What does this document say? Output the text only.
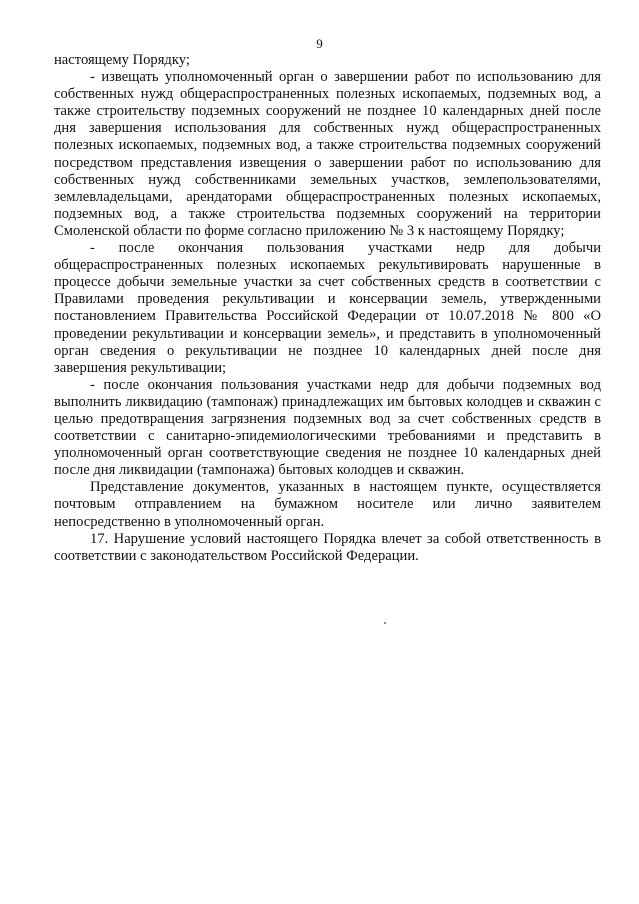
9

настоящему Порядку;

- извещать уполномоченный орган о завершении работ по использованию для собственных нужд общераспространенных полезных ископаемых, подземных вод, а также строительству подземных сооружений не позднее 10 календарных дней после дня завершения использования для собственных нужд общераспространенных полезных ископаемых, подземных вод, а также строительства подземных сооружений посредством представления извещения о завершении работ по использованию для собственных нужд собственниками земельных участков, землепользователями, землевладельцами, арендаторами общераспространенных полезных ископаемых, подземных вод, а также строительства подземных сооружений на территории Смоленской области по форме согласно приложению № 3 к настоящему Порядку;

- после окончания пользования участками недр для добычи общераспространенных полезных ископаемых рекультивировать нарушенные в процессе добычи земельные участки за счет собственных средств в соответствии с Правилами проведения рекультивации и консервации земель, утвержденными постановлением Правительства Российской Федерации от 10.07.2018 № 800 «О проведении рекультивации и консервации земель», и представить в уполномоченный орган сведения о рекультивации не позднее 10 календарных дней после дня завершения рекультивации;

- после окончания пользования участками недр для добычи подземных вод выполнить ликвидацию (тампонаж) принадлежащих им бытовых колодцев и скважин с целью предотвращения загрязнения подземных вод за счет собственных средств в соответствии с санитарно-эпидемиологическими требованиями и представить в уполномоченный орган соответствующие сведения не позднее 10 календарных дней после дня ликвидации (тампонажа) бытовых колодцев и скважин.

Представление документов, указанных в настоящем пункте, осуществляется почтовым отправлением на бумажном носителе или лично заявителем непосредственно в уполномоченный орган.

17. Нарушение условий настоящего Порядка влечет за собой ответственность в соответствии с законодательством Российской Федерации.
